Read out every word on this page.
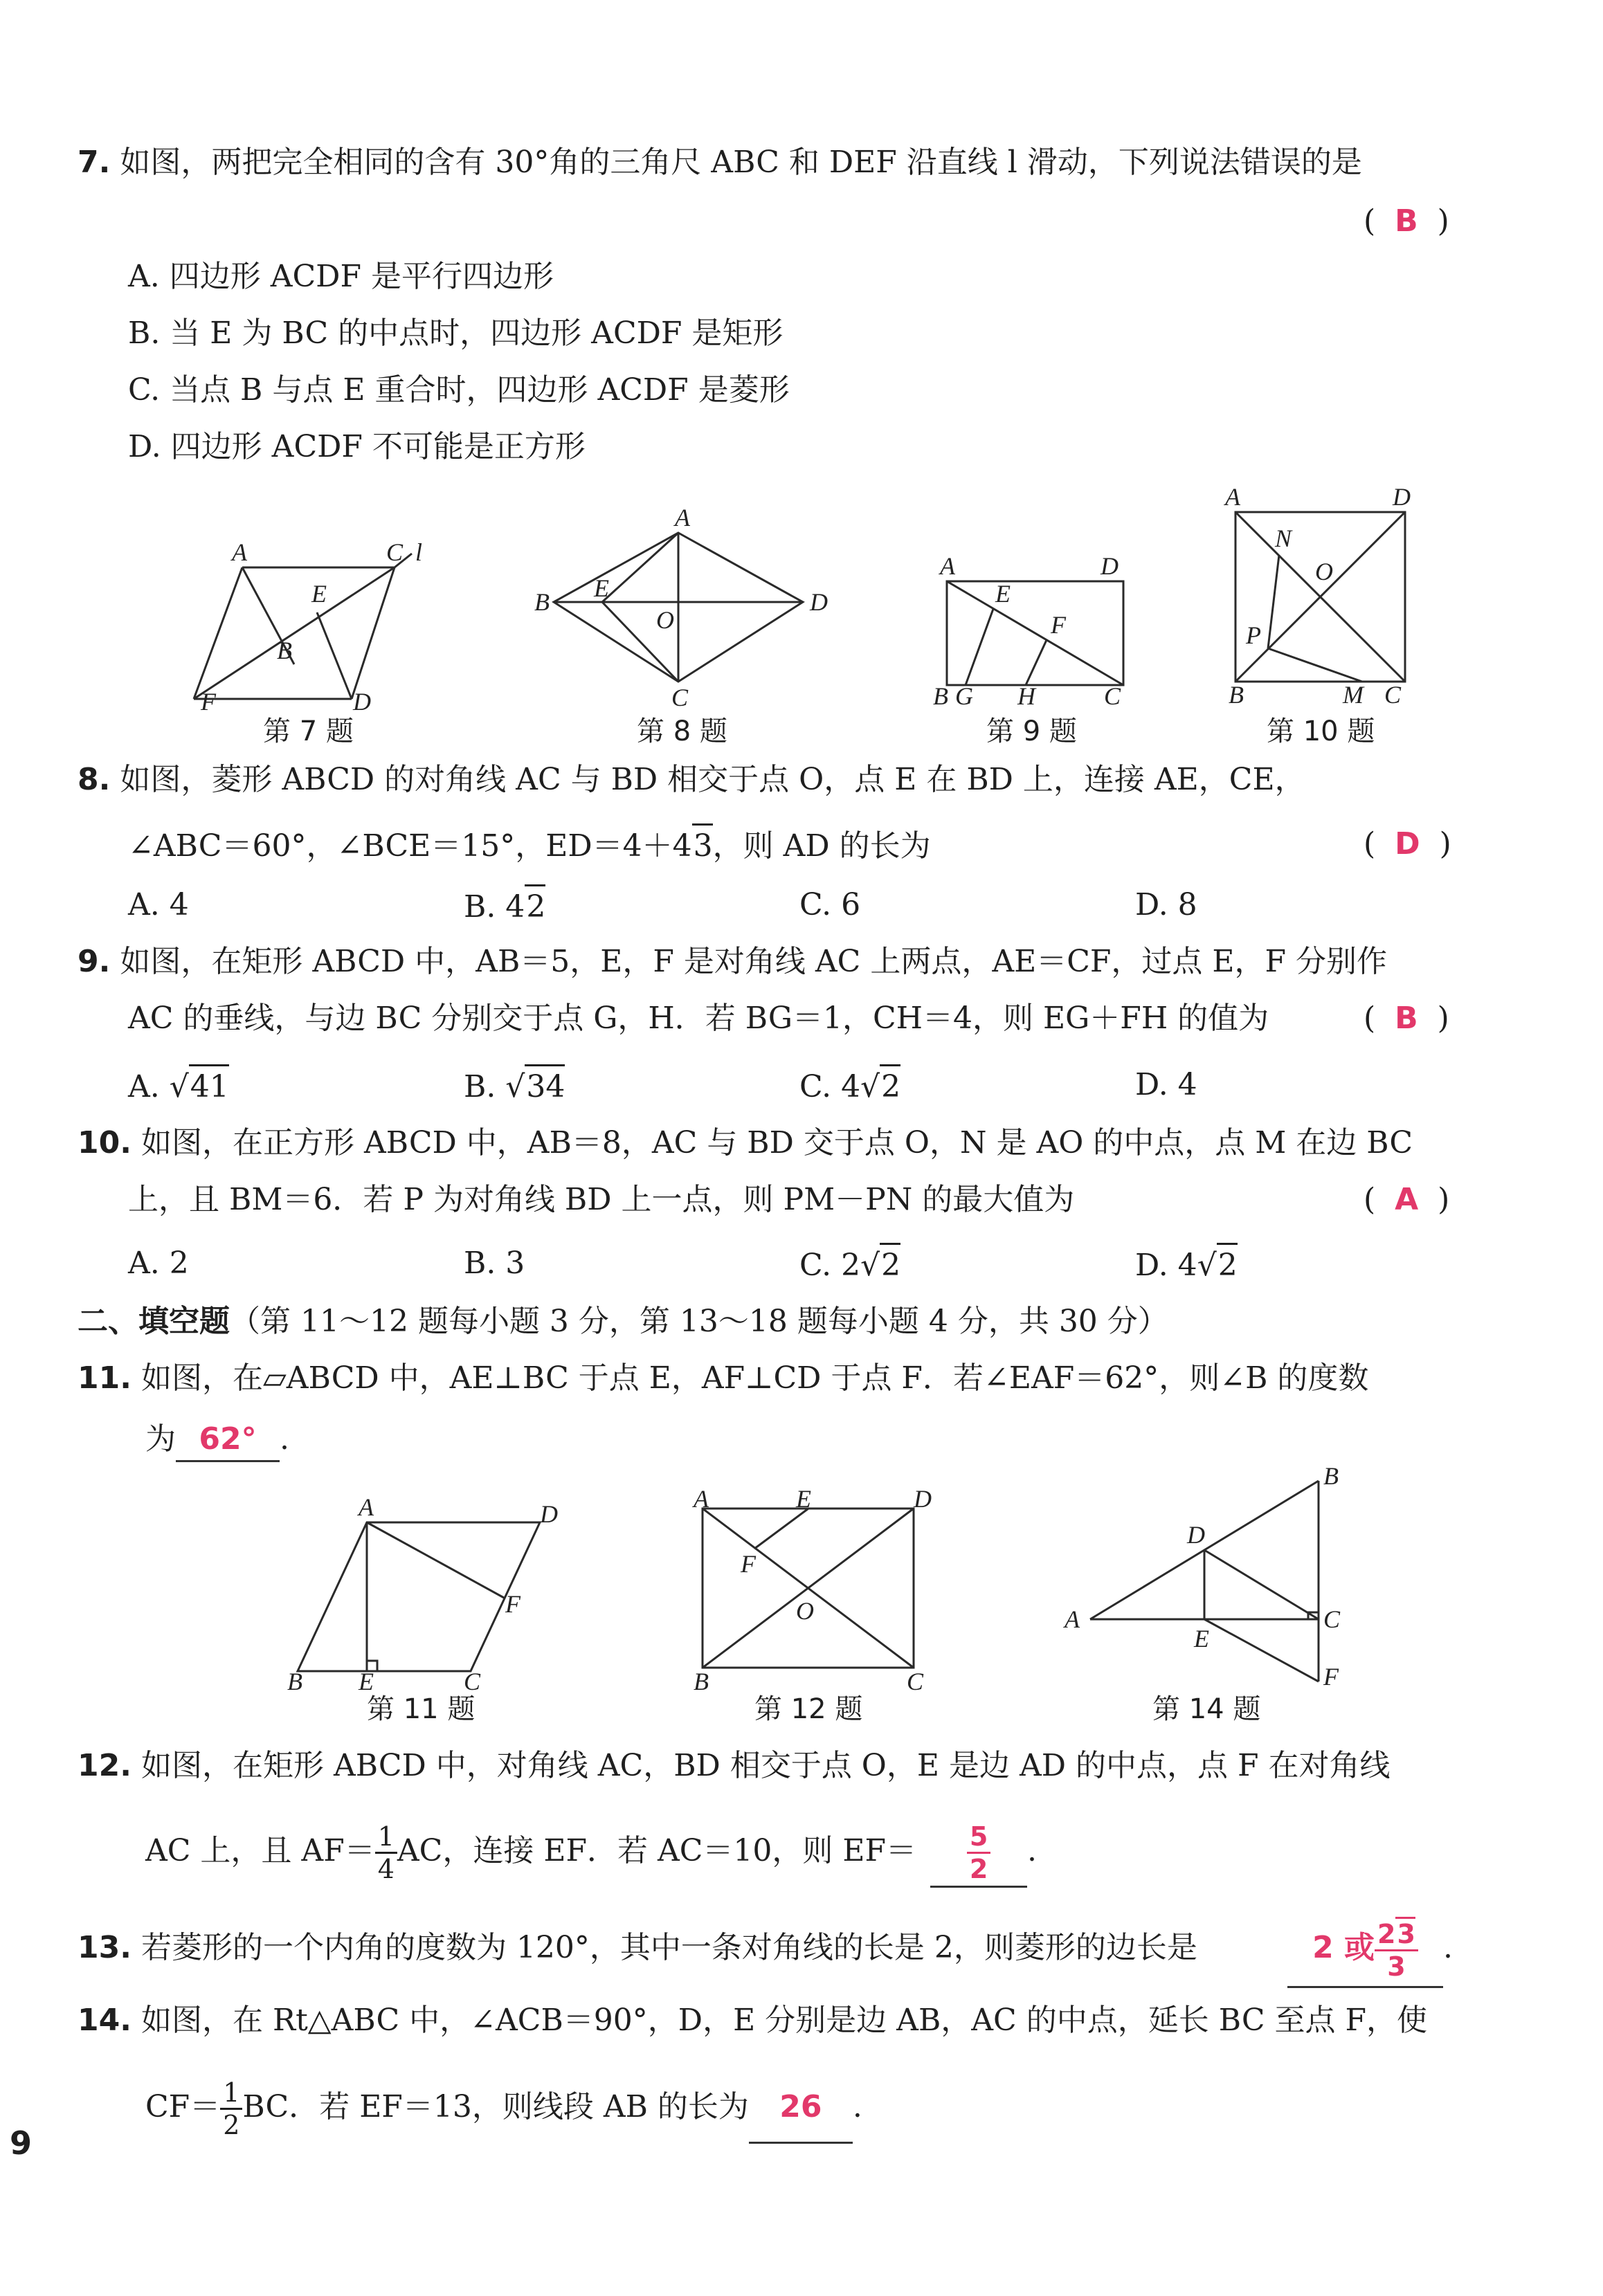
7. 如图，两把完全相同的含有 30°角的三角尺 ABC 和 DEF 沿直线 l 滑动，下列说法错误的是
(  B  )
A. 四边形 ACDF 是平行四边形
B. 当 E 为 BC 的中点时，四边形 ACDF 是矩形
C. 当点 B 与点 E 重合时，四边形 ACDF 是菱形
D. 四边形 ACDF 不可能是正方形
A	C l
E
B
F	D
第 7 题
A
B E
O
D
C
第 8 题
A	D
E
F
B G H	C
第 9 题
A	D
N
O
P
B	M C
第 10 题
8. 如图，菱形 ABCD 的对角线 AC 与 BD 相交于点 O，点 E 在 BD 上，连接 AE，CE，
∠ABC＝60°，∠BCE＝15°，ED＝4＋43，则 AD 的长为	(  D  )
A. 4	B. 42	C. 6	D. 8
9. 如图，在矩形 ABCD 中，AB＝5，E，F 是对角线 AC 上两点，AE＝CF，过点 E，F 分别作
AC 的垂线，与边 BC 分别交于点 G，H．若 BG＝1，CH＝4，则 EG＋FH 的值为	(  B  )
A. √41	B. √34	C. 4√2	D. 4
10. 如图，在正方形 ABCD 中，AB＝8，AC 与 BD 交于点 O，N 是 AO 的中点，点 M 在边 BC
上，且 BM＝6．若 P 为对角线 BD 上一点，则 PM－PN 的最大值为	(  A  )
A. 2	B. 3	C. 2√2	D. 4√2
二、填空题（第 11～12 题每小题 3 分，第 13～18 题每小题 4 分，共 30 分）
11. 如图，在▱ABCD 中，AE⊥BC 于点 E，AF⊥CD 于点 F．若∠EAF＝62°，则∠B 的度数
为 62° .
A	D
F
B E	C
第 11 题
A	E	D
F
O
B	C
第 12 题
B
D
A
E
C
F
第 14 题
12. 如图，在矩形 ABCD 中，对角线 AC，BD 相交于点 O，E 是边 AD 的中点，点 F 在对角线
AC 上，且 $AF= \frac{1}{4}$ AC，连接 EF．若 AC＝10，则 $EF= \frac{5}{2}$ .
13. 若菱形的一个内角的度数为 120°，其中一条对角线的长是 2，则菱形的边长是	2 或 $\frac{23}{3}$ .
14. 如图，在 Rt△ABC 中，∠ACB＝90°，D，E 分别是边 AB，AC 的中点，延长 BC 至点 F，使
$CF= \frac{1}{2}$ BC．若 EF＝13，则线段 AB 的长为 26 .
9
